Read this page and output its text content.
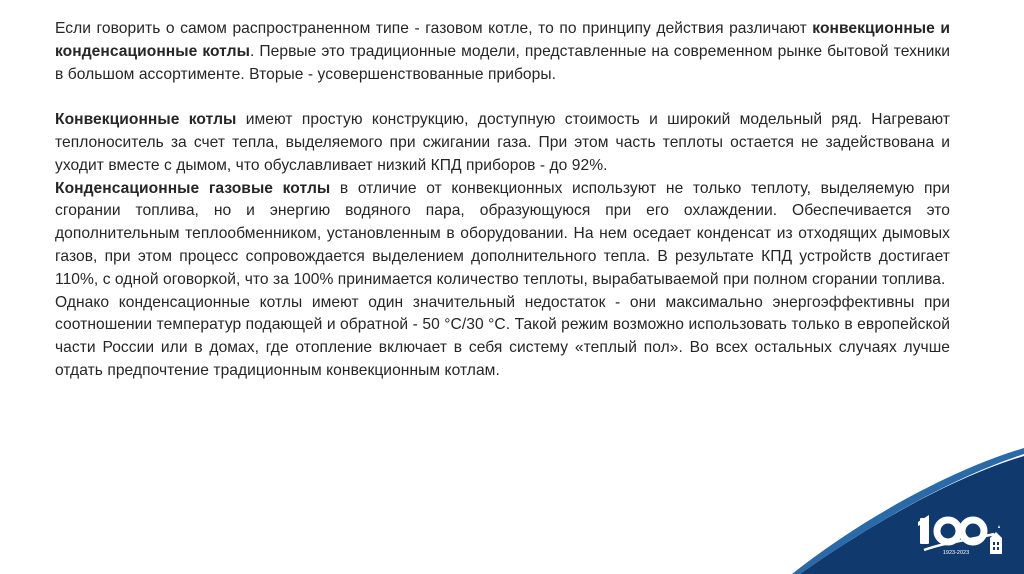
Если говорить о самом распространенном типе - газовом котле, то по принципу действия различают конвекционные и конденсационные котлы. Первые это традиционные модели, представленные на современном рынке бытовой техники в большом ассортименте. Вторые - усовершенствованные приборы.

Конвекционные котлы имеют простую конструкцию, доступную стоимость и широкий модельный ряд. Нагревают теплоноситель за счет тепла, выделяемого при сжигании газа. При этом часть теплоты остается не задействована и уходит вместе с дымом, что обуславливает низкий КПД приборов - до 92%.

Конденсационные газовые котлы в отличие от конвекционных используют не только теплоту, выделяемую при сгорании топлива, но и энергию водяного пара, образующуюся при его охлаждении. Обеспечивается это дополнительным теплообменником, установленным в оборудовании. На нем оседает конденсат из отходящих дымовых газов, при этом процесс сопровождается выделением дополнительного тепла. В результате КПД устройств достигает 110%, с одной оговоркой, что за 100% принимается количество теплоты, вырабатываемой при полном сгорании топлива.

Однако конденсационные котлы имеют один значительный недостаток - они максимально энергоэффективны при соотношении температур подающей и обратной - 50 °C/30 °C. Такой режим возможно использовать только в европейской части России или в домах, где отопление включает в себя систему «теплый пол». Во всех остальных случаях лучше отдать предпочтение традиционным конвекционным котлам.

1923-2023
